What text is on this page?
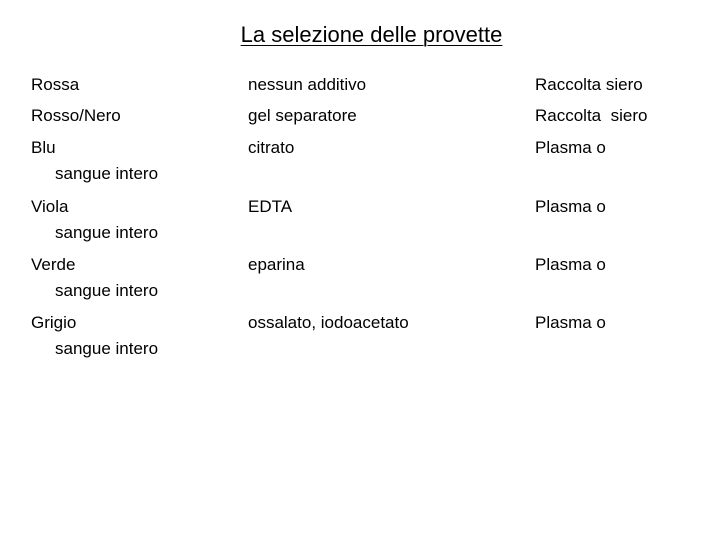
La selezione delle provette
Rossa	nessun additivo	Raccolta siero
Rosso/Nero	gel separatore	Raccolta  siero
Blu	citrato	Plasma o
sangue intero
Viola	EDTA	Plasma o
sangue intero
Verde	eparina	Plasma o
sangue intero
Grigio	ossalato, iodoacetato	Plasma o
sangue intero
